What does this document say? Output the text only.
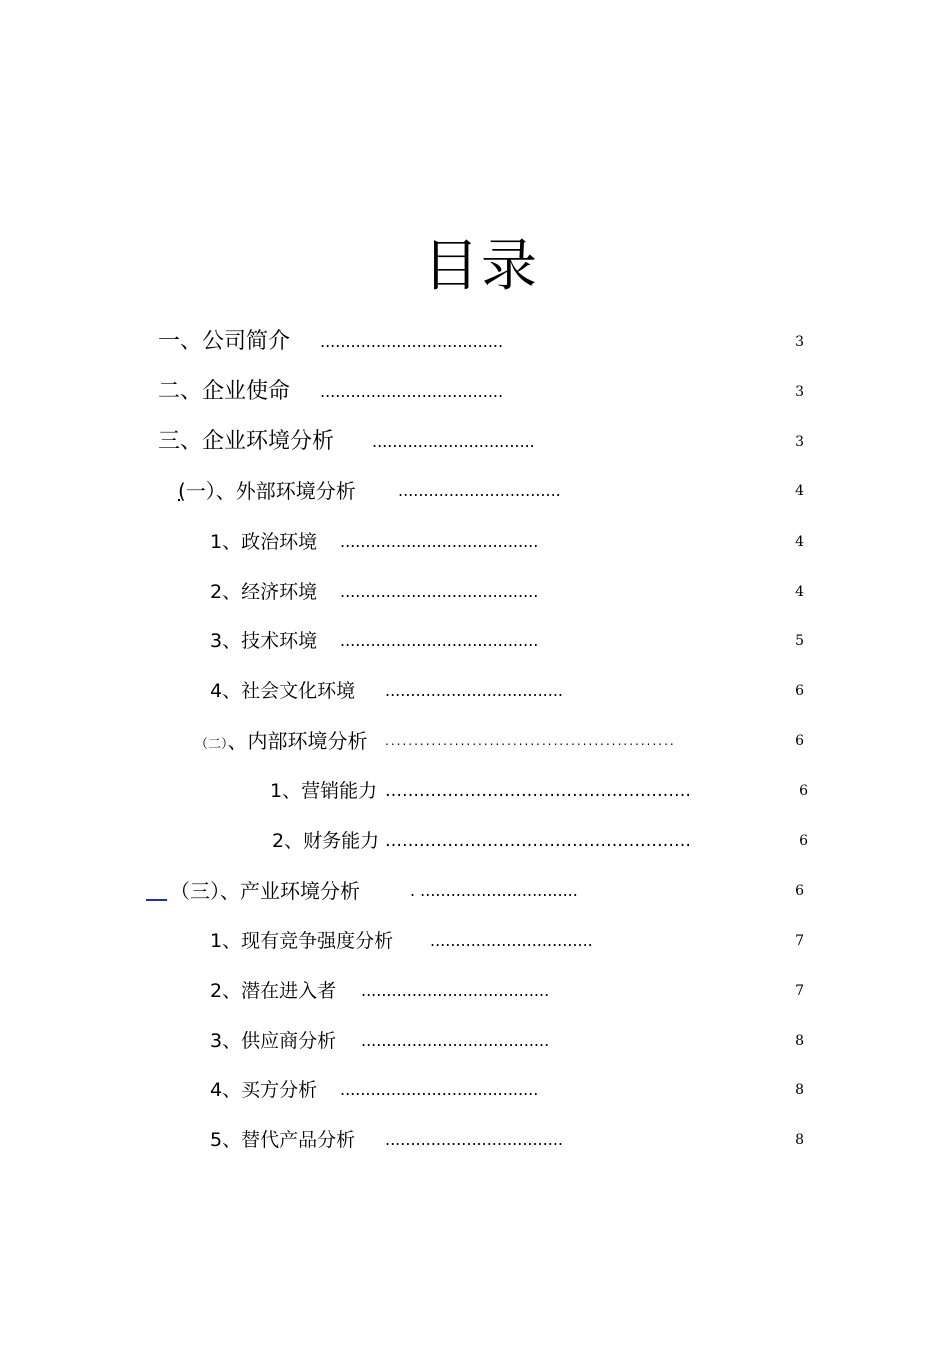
目录
一、公司简介 ....................................	3
二、企业使命 ....................................	3
三、企业环境分析 ................................	3
(一）、外部环境分析	................................	4
1、政治环境 .......................................	4
2、经济环境 .......................................	4
3、技术环境 .......................................	5
4、社会文化环境 ...................................	6
（二）、内部环境分析 ..................................................	6
1、营销能力 ………………………………………………	6
2、财务能力 ………………………………………………	6
（三）、产业环境分析	. ...............................	6
1、现有竞争强度分析 ................................	7
2、潜在进入者 .....................................	7
3、供应商分析 .....................................	8
4、买方分析 .......................................	8
5、替代产品分析 ...................................	8
